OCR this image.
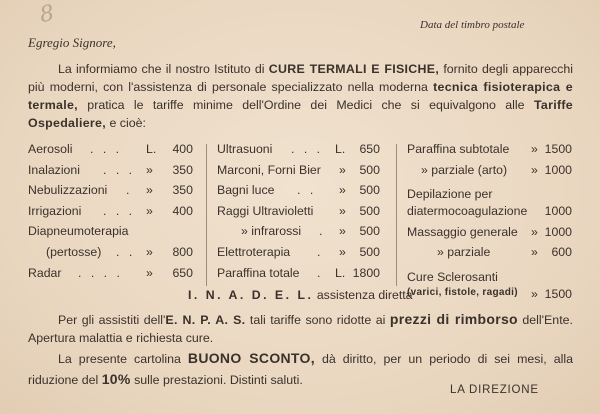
8	Data del timbro postale
Egregio Signore,

La informiamo che il nostro Istituto di CURE TERMALI E FISICHE, fornito degli apparecchi più moderni, con l'assistenza di personale specializzato nella moderna tecnica fisioterapica e termale, pratica le tariffe minime dell'Ordine dei Medici che si equivalgono alle Tariffe Ospedaliere, e cioè:

Aerosoli . . . L. 400
Inalazioni . . . » 350
Nebulizzazioni . » 350
Irrigazioni . . . » 400
Diapneumoterapia
(pertosse) . . » 800
Radar . . . . » 650
Ultrasuoni . . . L. 650
Marconi, Forni Bier » 500
Bagni luce . . » 500
Raggi Ultravioletti » 500
» infrarossi . » 500
Elettroterapia . » 500
Paraffina totale . L. 1800
Paraffina subtotale » 1500
» parziale (arto) » 1000
Depilazione per
diatermocoagulazione 1000
Massaggio generale » 1000
» parziale	» 600
Cure Sclerosanti
(varici, fistole, ragadi) » 1500
I. N. A. D. E. L. assistenza diretta

Per gli assistiti dell'E. N. P. A. S. tali tariffe sono ridotte ai prezzi di rimborso dell'Ente. Apertura malattia e richiesta cure.

La presente cartolina BUONO SCONTO, dà diritto, per un periodo di sei mesi, alla riduzione del 10% sulle prestazioni. Distinti saluti.

LA DIREZIONE
